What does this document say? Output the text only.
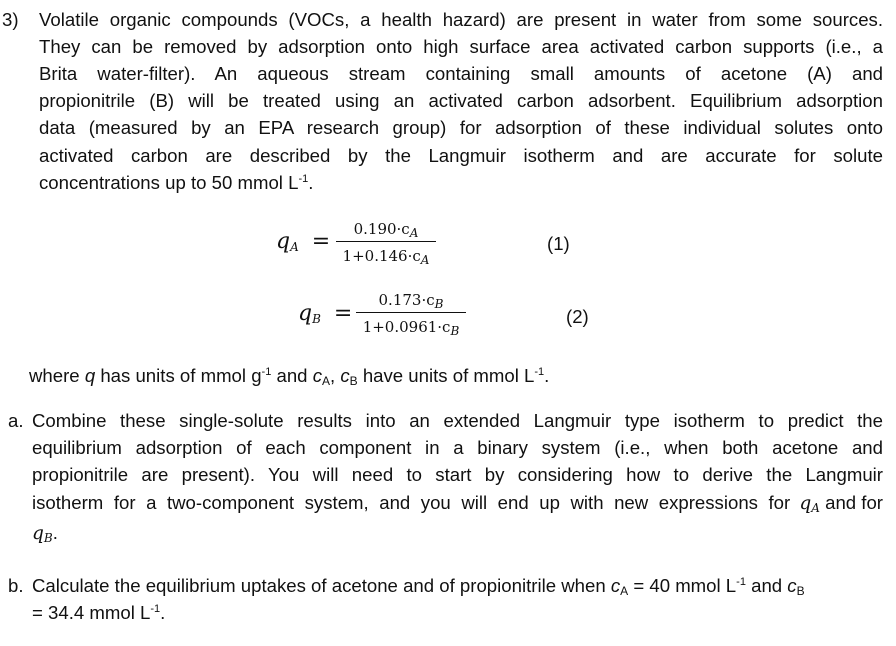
3) Volatile organic compounds (VOCs, a health hazard) are present in water from some sources.
They can be removed by adsorption onto high surface area activated carbon supports (i.e., a
Brita water-filter). An aqueous stream containing small amounts of acetone (A) and
propionitrile (B) will be treated using an activated carbon adsorbent. Equilibrium adsorption
data (measured by an EPA research group) for adsorption of these individual solutes onto
activated carbon are described by the Langmuir isotherm and are accurate for solute
concentrations up to 50 mmol $L^{-1}$.
$q_A$ =	$0.190\cdot c_A$
$1+0.146\cdot c_A$
(1)
$q_B$ =
$0.173\cdot c_B$
$1+0.0961\cdot c_B$
(2)
where q has units of mmol $g^{-1}$ and $c_A$, $c_B$ have units of mmol $L^{-1}$.
a. Combine these single-solute results into an extended Langmuir type isotherm to predict the
equilibrium adsorption of each component in a binary system (i.e., when both acetone and
propionitrile are present). You will need to start by considering how to derive the Langmuir
isotherm for a two-component system, and you will end up with new expressions for $q_A$ and for
$q_B$.
b. Calculate the equilibrium uptakes of acetone and of propionitrile when $c_A = 40$ mmol $L^{-1}$ and $c_B$
= 34.4 mmol $L^{-1}$.
